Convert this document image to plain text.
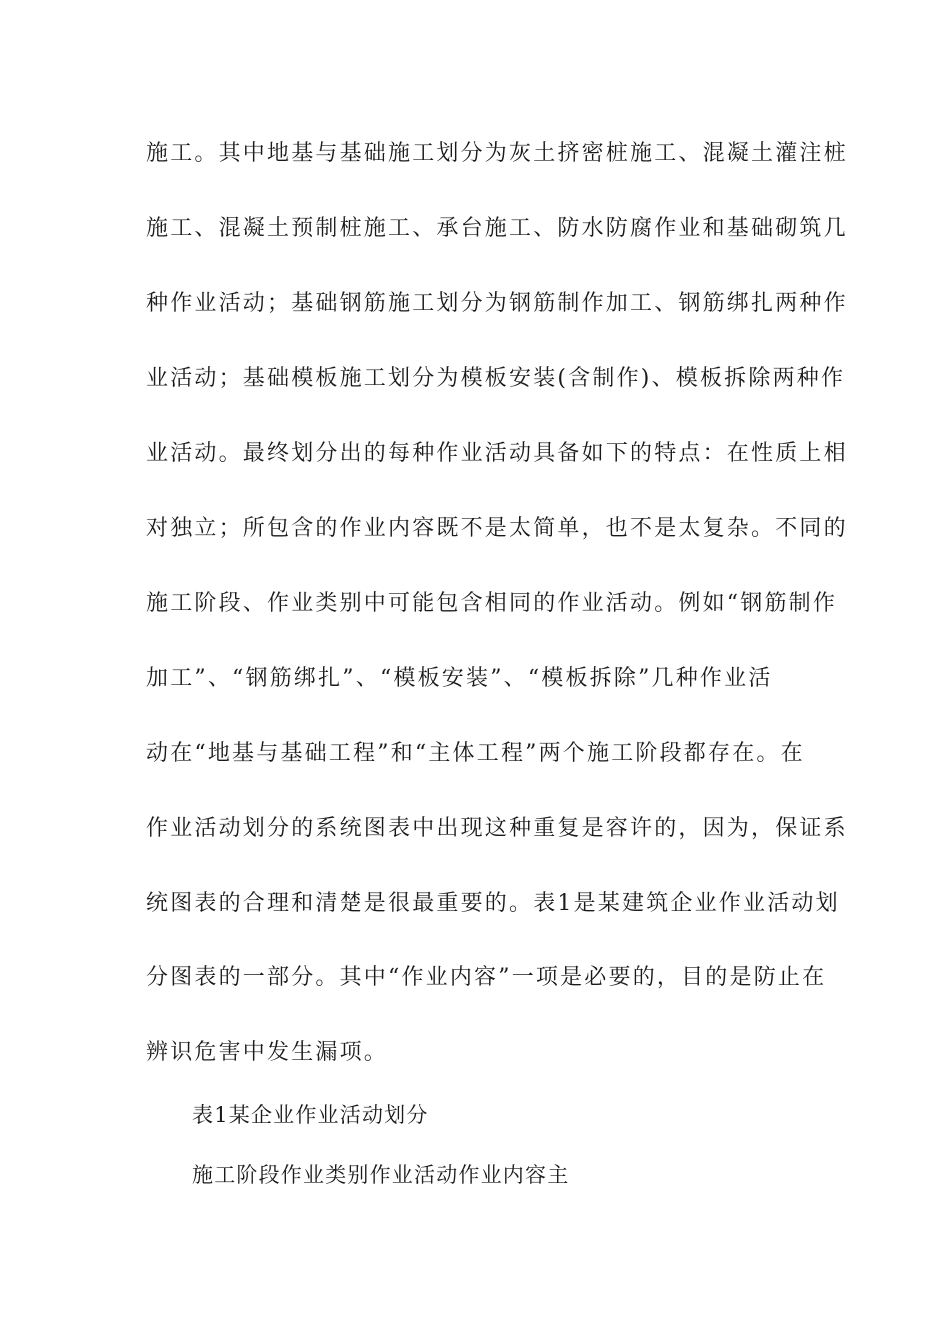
施工。其中地基与基础施工划分为灰土挤密桩施工、混凝土灌注桩
施工、混凝土预制桩施工、承台施工、防水防腐作业和基础砌筑几
种作业活动；基础钢筋施工划分为钢筋制作加工、钢筋绑扎两种作
业活动；基础模板施工划分为模板安装(含制作)、模板拆除两种作
业活动。最终划分出的每种作业活动具备如下的特点：在性质上相
对独立；所包含的作业内容既不是太简单，也不是太复杂。不同的
施工阶段、作业类别中可能包含相同的作业活动。例如“钢筋制作
加工”、“钢筋绑扎”、“模板安装”、“模板拆除”几种作业活
动在“地基与基础工程”和“主体工程”两个施工阶段都存在。在
作业活动划分的系统图表中出现这种重复是容许的，因为，保证系
统图表的合理和清楚是很最重要的。表1是某建筑企业作业活动划
分图表的一部分。其中“作业内容”一项是必要的，目的是防止在
辨识危害中发生漏项。
表1某企业作业活动划分
施工阶段作业类别作业活动作业内容主
